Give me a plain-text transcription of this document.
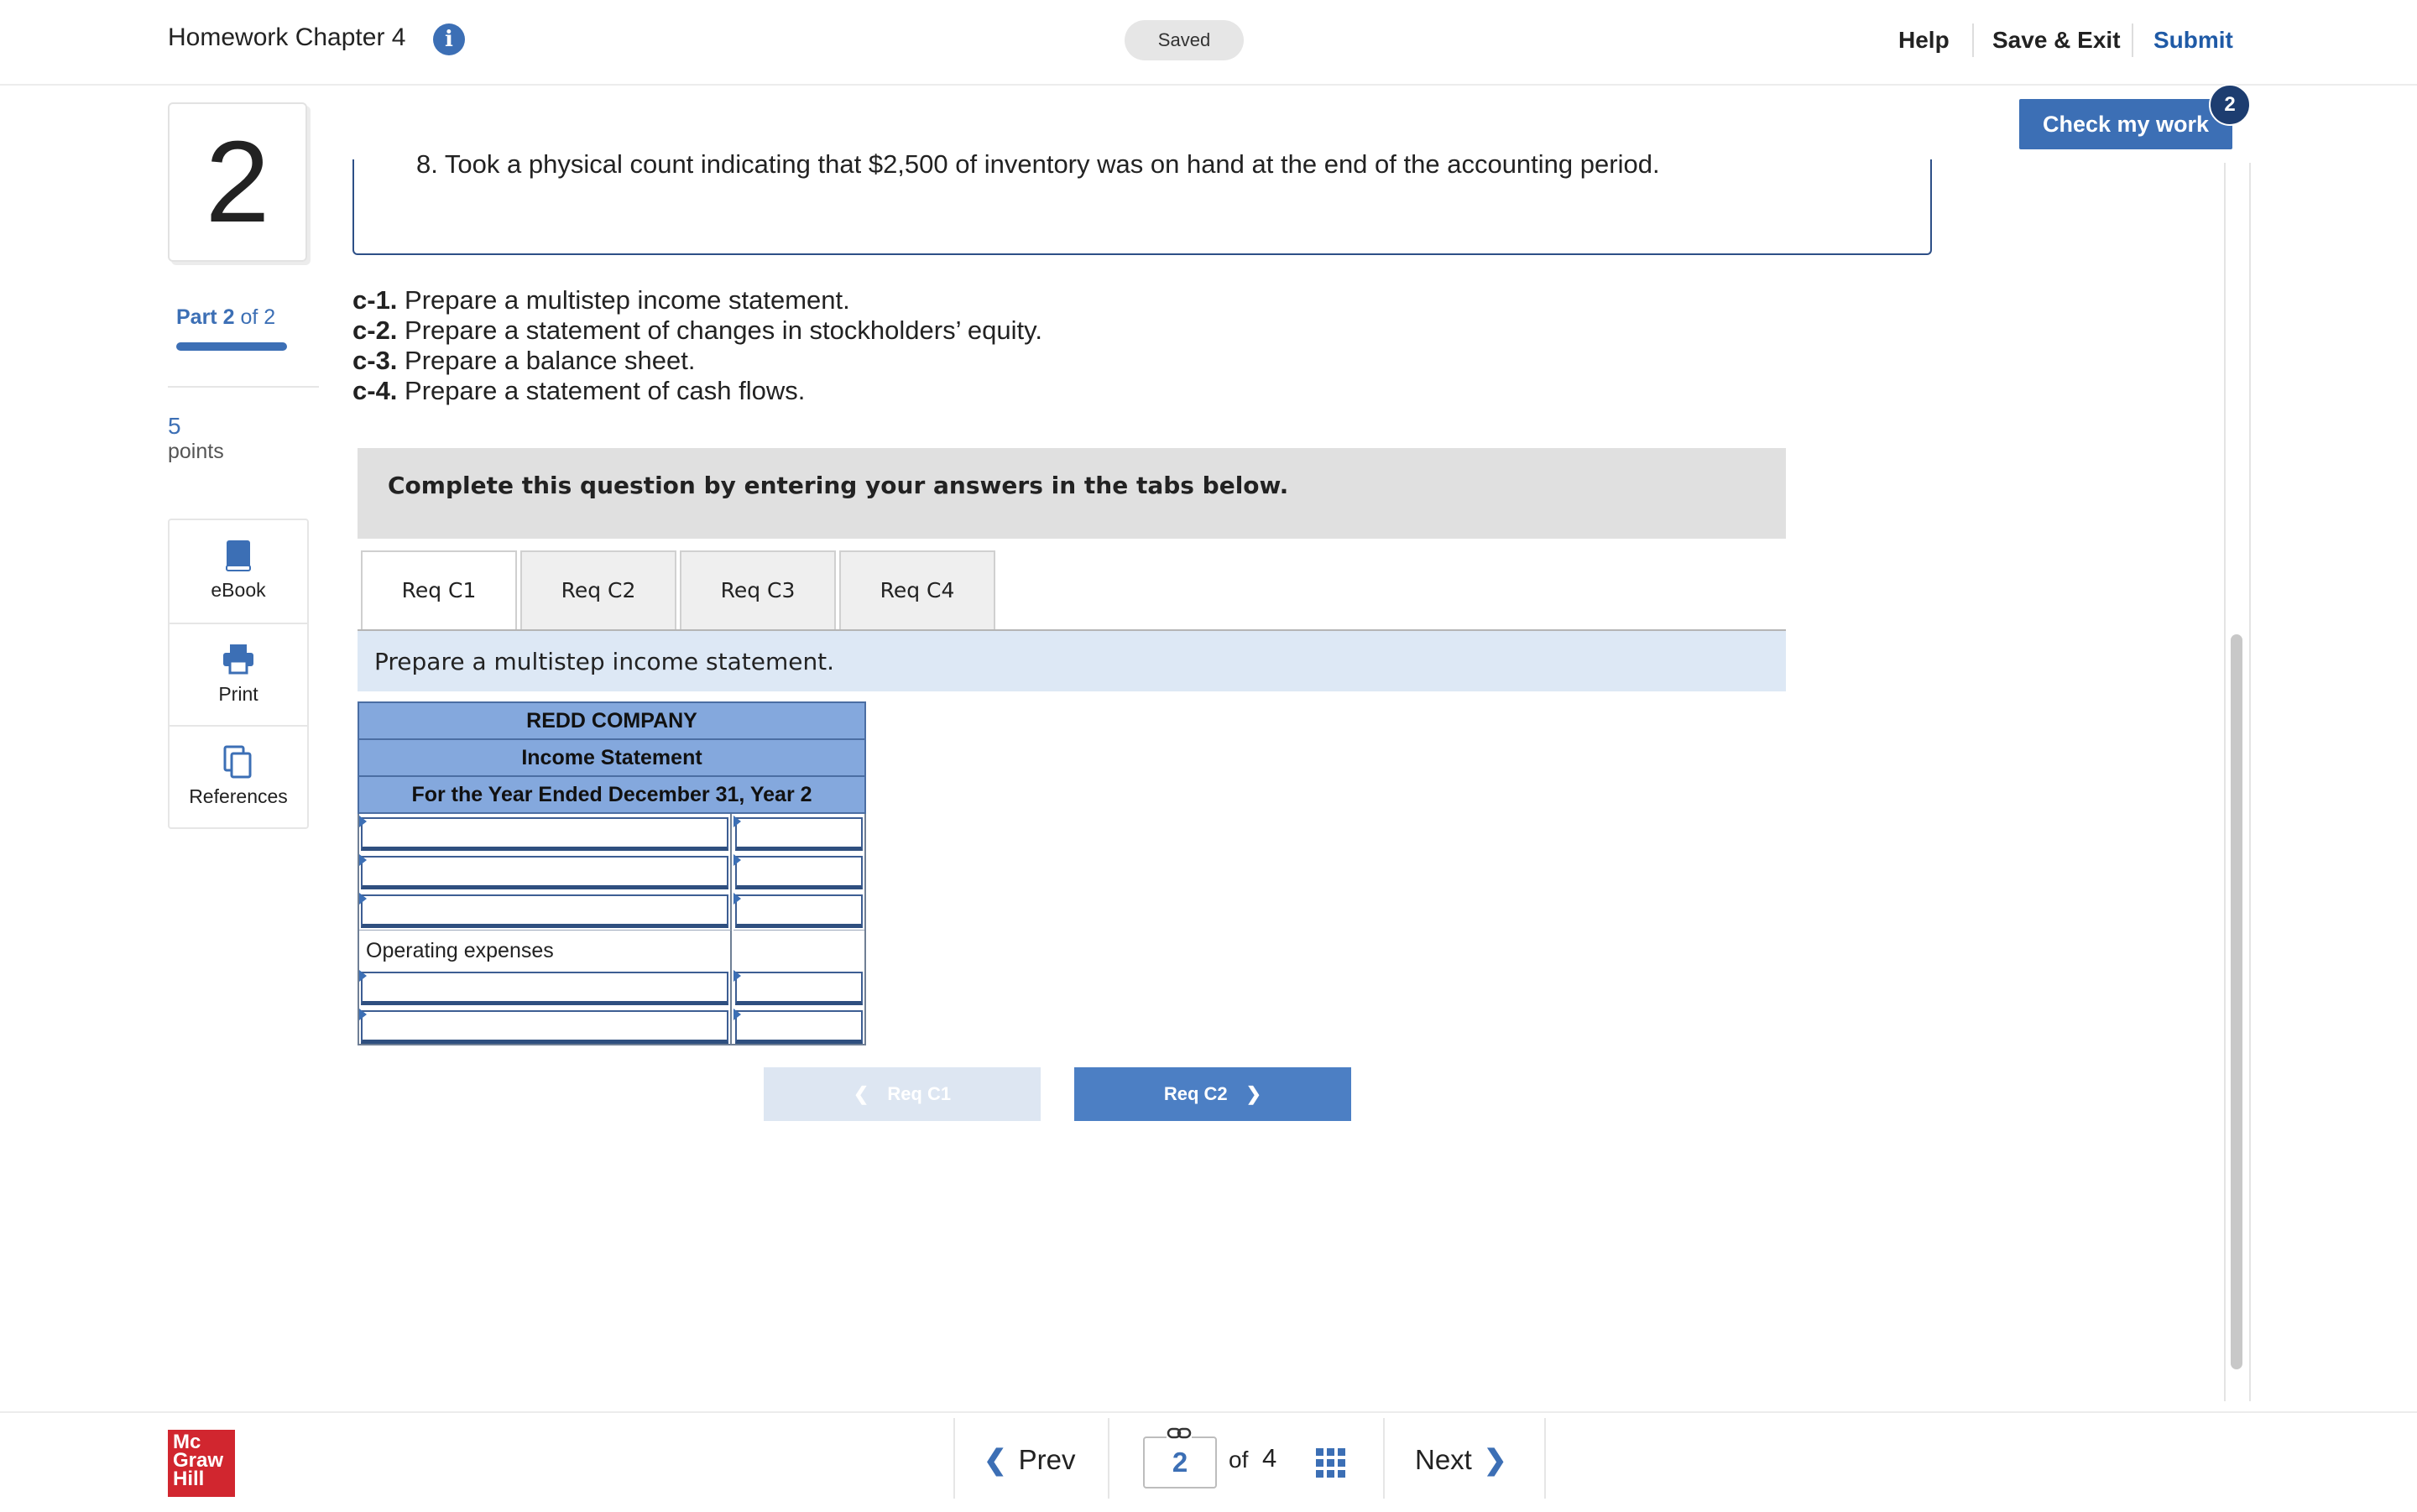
Homework Chapter 4	i	Saved	Help Save & Exit Submit
2
Part 2 of 2
5
points
eBook
Print
References
8. Took a physical count indicating that $2,500 of inventory was on hand at the end of the accounting period.
c-1. Prepare a multistep income statement.
c-2. Prepare a statement of changes in stockholders’ equity.
c-3. Prepare a balance sheet.
c-4. Prepare a statement of cash flows.
Complete this question by entering your answers in the tabs below.
Req C1	Req C2	Req C3	Req C4
Prepare a multistep income statement.
REDD COMPANY
Income Statement
For the Year Ended December 31, Year 2
Operating expenses
❮ Req C1	Req C2 ❯
Check my work
2
Mc
Graw
Hill
❮ Prev	2	of 4	Next ❯
